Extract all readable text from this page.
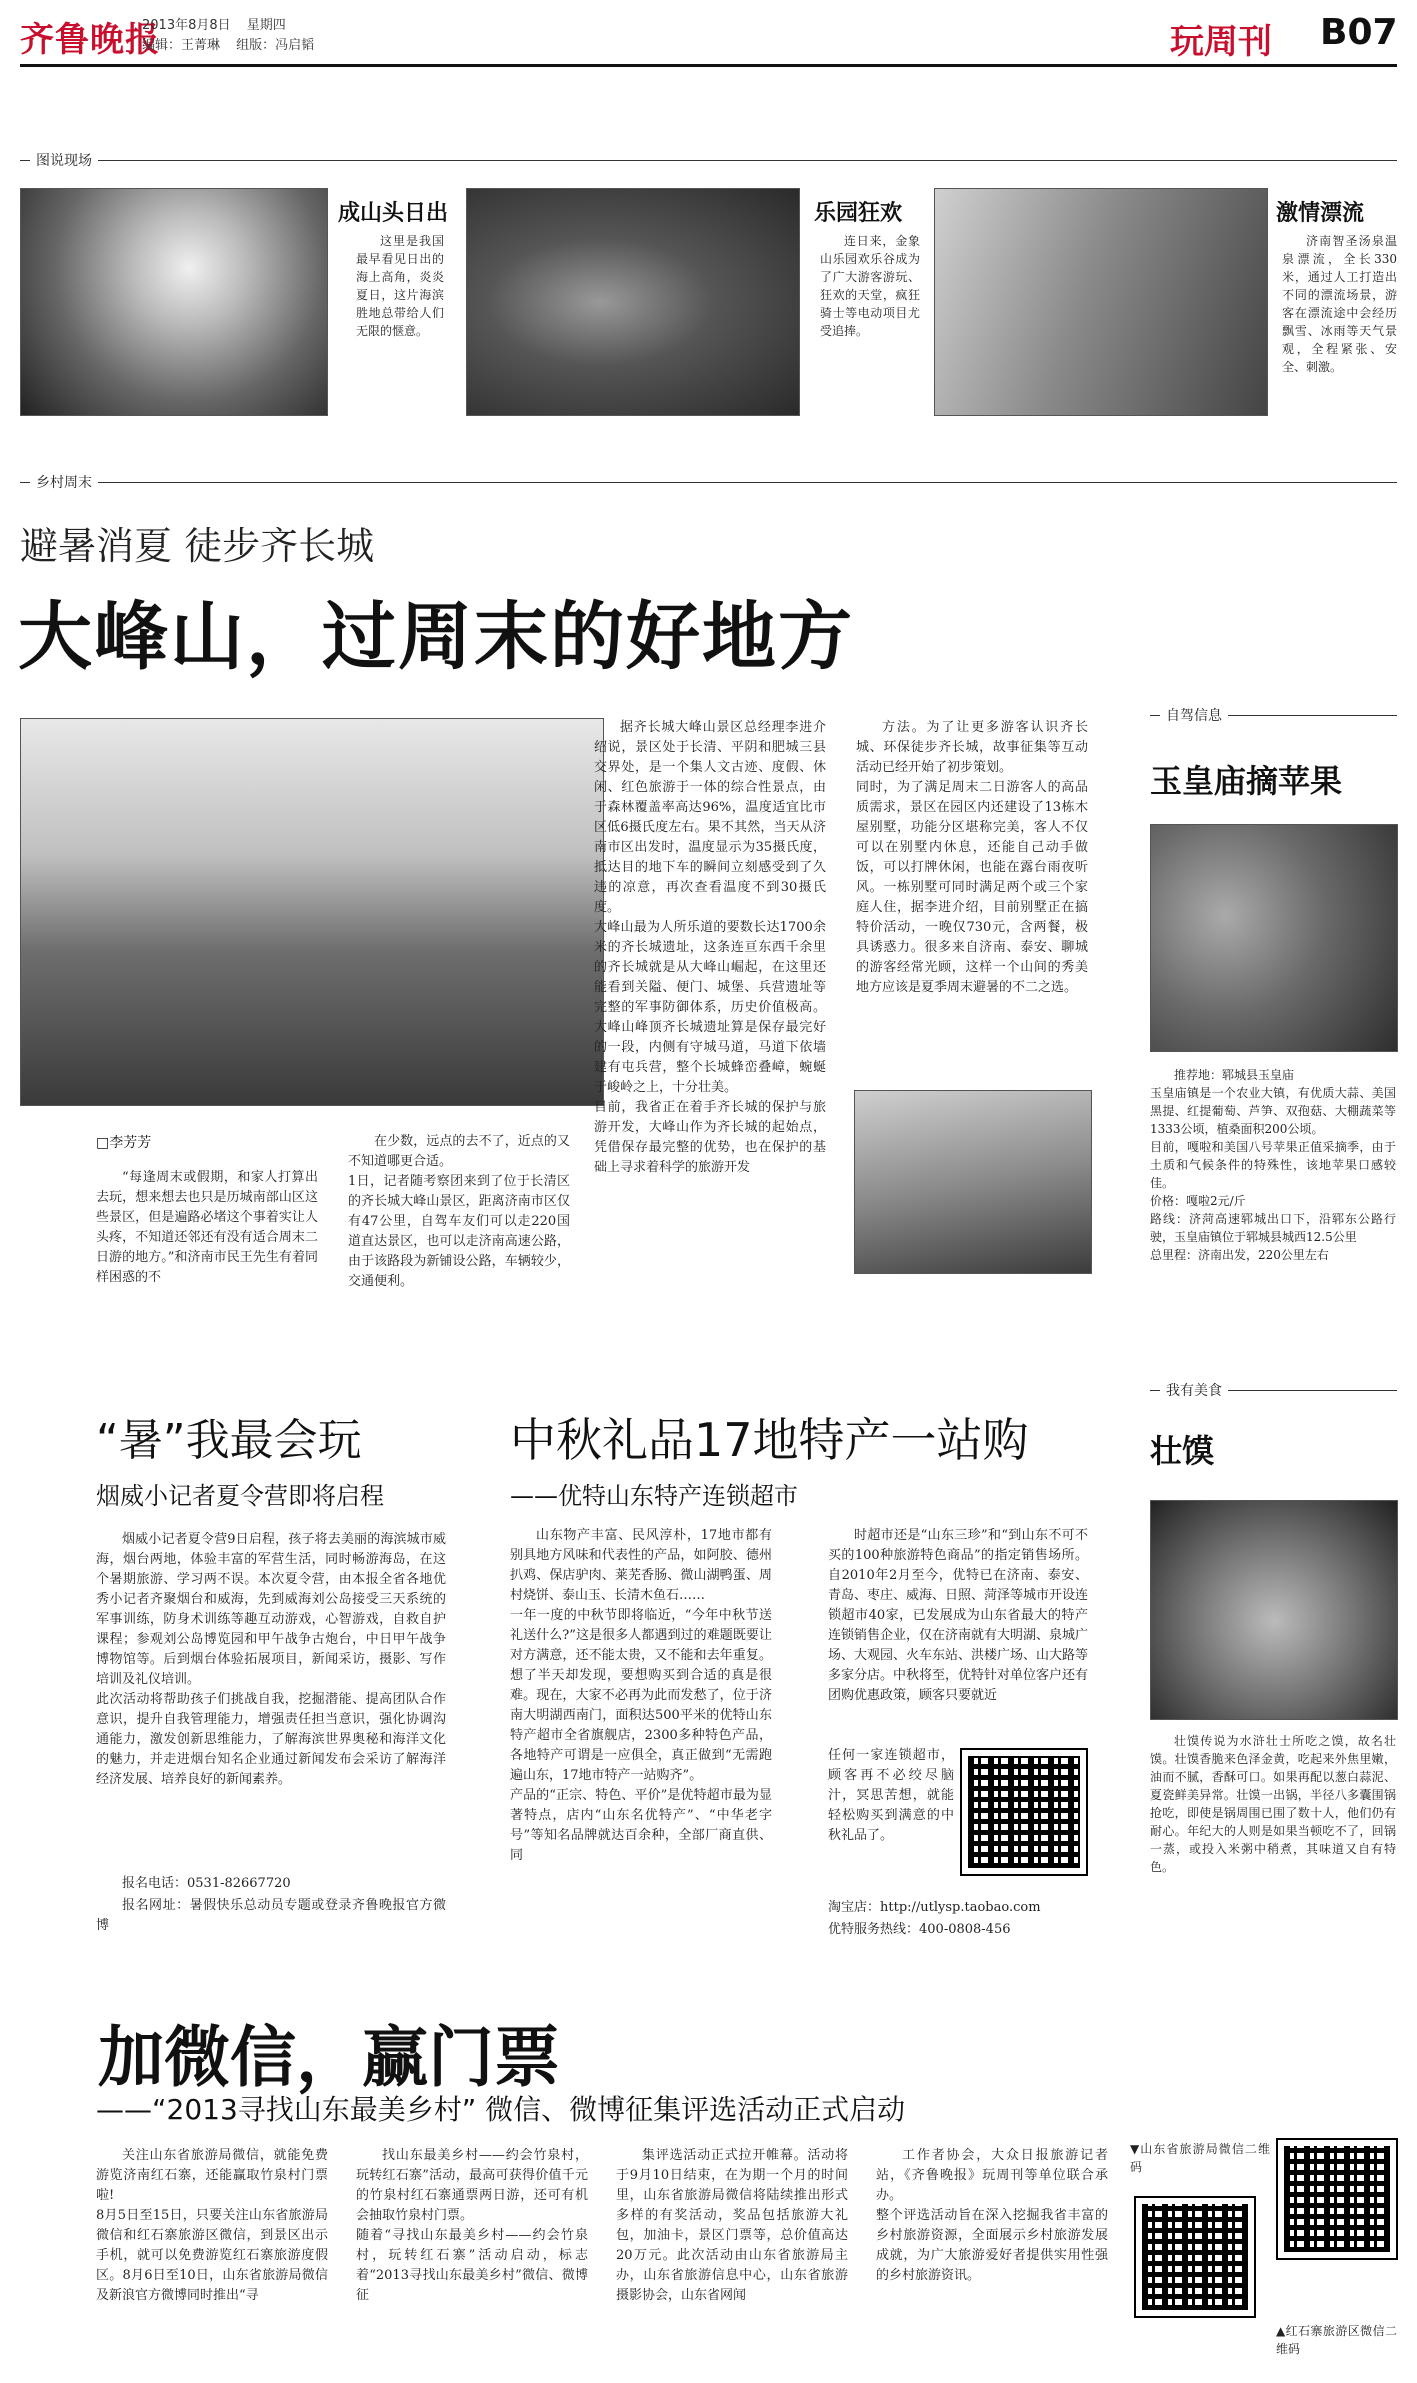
齐鲁晚报
2013年8月8日 星期四
编辑：王菁琳 组版：冯启韬	玩周刊 B07
图说现场
成山头日出
这里是我国最早看见日出的海上高角，炎炎夏日，这片海滨胜地总带给人们无限的惬意。
乐园狂欢
连日来，金象山乐园欢乐谷成为了广大游客游玩、狂欢的天堂，疯狂骑士等电动项目尤受追捧。
激情漂流
济南智圣汤泉温泉漂流，全长330米，通过人工打造出不同的漂流场景，游客在漂流途中会经历飘雪、冰雨等天气景观，全程紧张、安全、刺激。
乡村周末
避暑消夏 徒步齐长城
大峰山，过周末的好地方
□李芳芳
“每逢周末或假期，和家人打算出去玩，想来想去也只是历城南部山区这些景区，但是遍路必堵这个事着实让人头疼，不知道还邻还有没有适合周末二日游的地方。”和济南市民王先生有着同样困惑的不
在少数，远点的去不了，近点的又不知道哪更合适。
1日，记者随考察团来到了位于长清区的齐长城大峰山景区，距离济南市区仅有47公里，自驾车友们可以走220国道直达景区，也可以走济南高速公路，由于该路段为新铺设公路，车辆较少，交通便利。
据齐长城大峰山景区总经理李进介绍说，景区处于长清、平阴和肥城三县交界处，是一个集人文古迹、度假、休闲、红色旅游于一体的综合性景点，由于森林覆盖率高达96%，温度适宜比市区低6摄氏度左右。果不其然，当天从济南市区出发时，温度显示为35摄氏度，抵达目的地下车的瞬间立刻感受到了久违的凉意，再次查看温度不到30摄氏度。
大峰山最为人所乐道的要数长达1700余米的齐长城遗址，这条连亘东西千余里的齐长城就是从大峰山崛起，在这里还能看到关隘、便门、城堡、兵营遗址等完整的军事防御体系，历史价值极高。大峰山峰顶齐长城遗址算是保存最完好的一段，内侧有守城马道，马道下依墙建有屯兵营，整个长城蜂峦叠嶂，蜿蜒于峻岭之上，十分壮美。
目前，我省正在着手齐长城的保护与旅游开发，大峰山作为齐长城的起始点，凭借保存最完整的优势，也在保护的基础上寻求着科学的旅游开发
方法。为了让更多游客认识齐长城、环保徒步齐长城，故事征集等互动活动已经开始了初步策划。
同时，为了满足周末二日游客人的高品质需求，景区在园区内还建设了13栋木屋别墅，功能分区堪称完美，客人不仅可以在别墅内休息，还能自己动手做饭，可以打牌休闲，也能在露台雨夜听风。一栋别墅可同时满足两个或三个家庭人住，据李进介绍，目前别墅正在搞特价活动，一晚仅730元，含两餐，极具诱惑力。很多来自济南、泰安、聊城的游客经常光顾，这样一个山间的秀美地方应该是夏季周末避暑的不二之选。
自驾信息
玉皇庙摘苹果
推荐地：郓城县玉皇庙
玉皇庙镇是一个农业大镇，有优质大蒜、美国黑提、红提葡萄、芦笋、双孢菇、大棚蔬菜等1333公顷，植桑面积200公顷。
目前，嘎啦和美国八号苹果正值采摘季，由于土质和气候条件的特殊性，该地苹果口感较佳。
价格：嘎啦2元/斤
路线：济菏高速郓城出口下，沿郓东公路行驶，玉皇庙镇位于郓城县城西12.5公里
总里程：济南出发，220公里左右
我有美食
壮馍
壮馍传说为水浒壮士所吃之馍，故名壮馍。壮馍香脆来色泽金黄，吃起来外焦里嫩，油而不腻，香酥可口。如果再配以葱白蒜泥、夏瓷鲜美异常。壮馍一出锅，半径八多囊围锅抢吃，即使是锅周围已围了数十人，他们仍有耐心。年纪大的人则是如果当顿吃不了，回锅一蒸，或投入米粥中稍煮，其味道又自有特色。
“暑”我最会玩
烟威小记者夏令营即将启程
烟威小记者夏令营9日启程，孩子将去美丽的海滨城市威海，烟台两地，体验丰富的军营生活，同时畅游海岛，在这个暑期旅游、学习两不误。本次夏令营，由本报全省各地优秀小记者齐聚烟台和威海，先到威海刘公岛接受三天系统的军事训练，防身术训练等趣互动游戏，心智游戏，自救自护课程；参观刘公岛博览园和甲午战争古炮台，中日甲午战争博物馆等。后到烟台体验拓展项目，新闻采访，摄影、写作培训及礼仪培训。
此次活动将帮助孩子们挑战自我，挖掘潜能、提高团队合作意识，提升自我管理能力，增强责任担当意识，强化协调沟通能力，激发创新思维能力，了解海滨世界奥秘和海洋文化的魅力，并走进烟台知名企业通过新闻发布会采访了解海洋经济发展、培养良好的新闻素养。
报名电话：0531-82667720
报名网址：暑假快乐总动员专题或登录齐鲁晚报官方微博
中秋礼品17地特产一站购
——优特山东特产连锁超市
山东物产丰富、民风淳朴，17地市都有别具地方风味和代表性的产品，如阿胶、德州扒鸡、保店驴肉、莱芜香肠、微山湖鸭蛋、周村烧饼、泰山玉、长清木鱼石……
一年一度的中秋节即将临近，“今年中秋节送礼送什么?”这是很多人都遇到过的难题既要让对方满意，还不能太贵，又不能和去年重复。想了半天却发现，要想购买到合适的真是很难。现在，大家不必再为此而发愁了，位于济南大明湖西南门，面积达500平米的优特山东特产超市全省旗舰店，2300多种特色产品，各地特产可谓是一应俱全，真正做到“无需跑遍山东，17地市特产一站购齐”。
产品的“正宗、特色、平价”是优特超市最为显著特点，店内“山东名优特产”、“中华老字号”等知名品牌就达百余种，全部厂商直供、同
时超市还是“山东三珍”和“到山东不可不买的100种旅游特色商品”的指定销售场所。自2010年2月至今，优特已在济南、泰安、青岛、枣庄、威海、日照、菏泽等城市开设连锁超市40家，已发展成为山东省最大的特产连锁销售企业，仅在济南就有大明湖、泉城广场、大观园、火车东站、洪楼广场、山大路等多家分店。中秋将至，优特针对单位客户还有团购优惠政策，顾客只要就近
任何一家连锁超市，顾客再不必绞尽脑汁，冥思苦想，就能轻松购买到满意的中秋礼品了。
淘宝店：http://utlysp.taobao.com
优特服务热线：400-0808-456
加微信，赢门票
——“2013寻找山东最美乡村” 微信、微博征集评选活动正式启动
关注山东省旅游局微信，就能免费游览济南红石寨，还能赢取竹泉村门票啦!
8月5日至15日，只要关注山东省旅游局微信和红石寨旅游区微信，到景区出示手机，就可以免费游览红石寨旅游度假区。8月6日至10日，山东省旅游局微信及新浪官方微博同时推出“寻
找山东最美乡村——约会竹泉村，玩转红石寨”活动，最高可获得价值千元的竹泉村红石寨通票两日游，还可有机会抽取竹泉村门票。
随着“寻找山东最美乡村——约会竹泉村，玩转红石寨”活动启动，标志着“2013寻找山东最美乡村”微信、微博征
集评选活动正式拉开帷幕。活动将于9月10日结束，在为期一个月的时间里，山东省旅游局微信将陆续推出形式多样的有奖活动，奖品包括旅游大礼包，加油卡，景区门票等，总价值高达20万元。此次活动由山东省旅游局主办，山东省旅游信息中心，山东省旅游摄影协会，山东省网闻
工作者协会，大众日报旅游记者站，《齐鲁晚报》玩周刊等单位联合承办。
整个评选活动旨在深入挖掘我省丰富的乡村旅游资源，全面展示乡村旅游发展成就，为广大旅游爱好者提供实用性强的乡村旅游资讯。
▼山东省旅游局微信二维码
▲红石寨旅游区微信二维码
